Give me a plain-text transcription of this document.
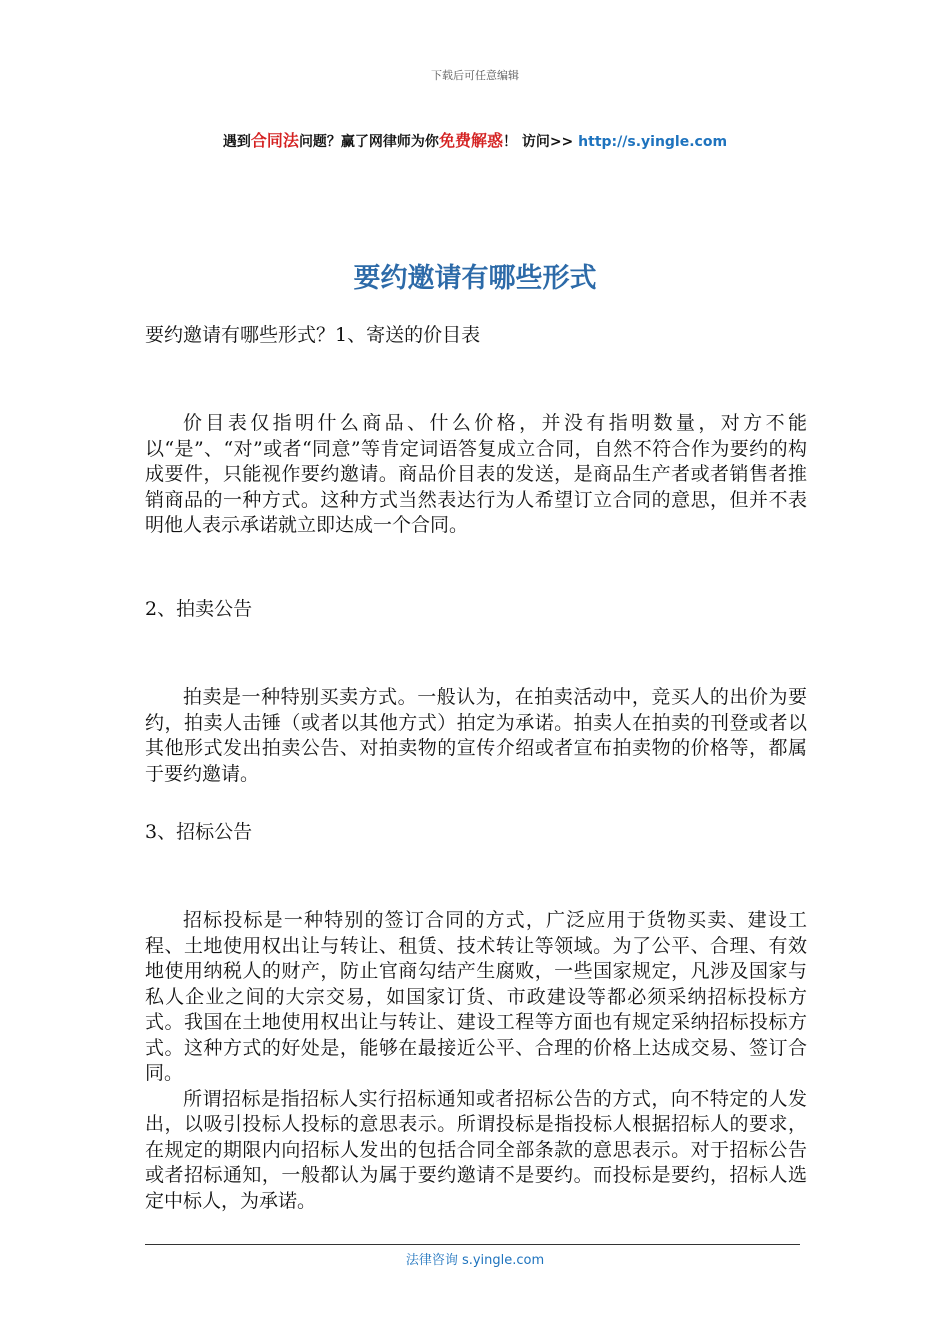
下载后可任意编辑
遇到合同法问题？赢了网律师为你免费解惑！ 访问>> http://s.yingle.com
要约邀请有哪些形式
要约邀请有哪些形式？1、寄送的价目表

价目表仅指明什么商品、什么价格，并没有指明数量，对方不能以“是”、“对”或者“同意”等肯定词语答复成立合同，自然不符合作为要约的构成要件，只能视作要约邀请。商品价目表的发送，是商品生产者或者销售者推销商品的一种方式。这种方式当然表达行为人希望订立合同的意思，但并不表明他人表示承诺就立即达成一个合同。

2、拍卖公告

拍卖是一种特别买卖方式。一般认为，在拍卖活动中，竞买人的出价为要约，拍卖人击锤（或者以其他方式）拍定为承诺。拍卖人在拍卖的刊登或者以其他形式发出拍卖公告、对拍卖物的宣传介绍或者宣布拍卖物的价格等，都属于要约邀请。

3、招标公告

招标投标是一种特别的签订合同的方式，广泛应用于货物买卖、建设工程、土地使用权出让与转让、租赁、技术转让等领域。为了公平、合理、有效地使用纳税人的财产，防止官商勾结产生腐败，一些国家规定，凡涉及国家与私人企业之间的大宗交易，如国家订货、市政建设等都必须采纳招标投标方式。我国在土地使用权出让与转让、建设工程等方面也有规定采纳招标投标方式。这种方式的好处是，能够在最接近公平、合理的价格上达成交易、签订合同。

所谓招标是指招标人实行招标通知或者招标公告的方式，向不特定的人发出，以吸引投标人投标的意思表示。所谓投标是指投标人根据招标人的要求，在规定的期限内向招标人发出的包括合同全部条款的意思表示。对于招标公告或者招标通知，一般都认为属于要约邀请不是要约。而投标是要约，招标人选定中标人，为承诺。

法律咨询 s.yingle.com
